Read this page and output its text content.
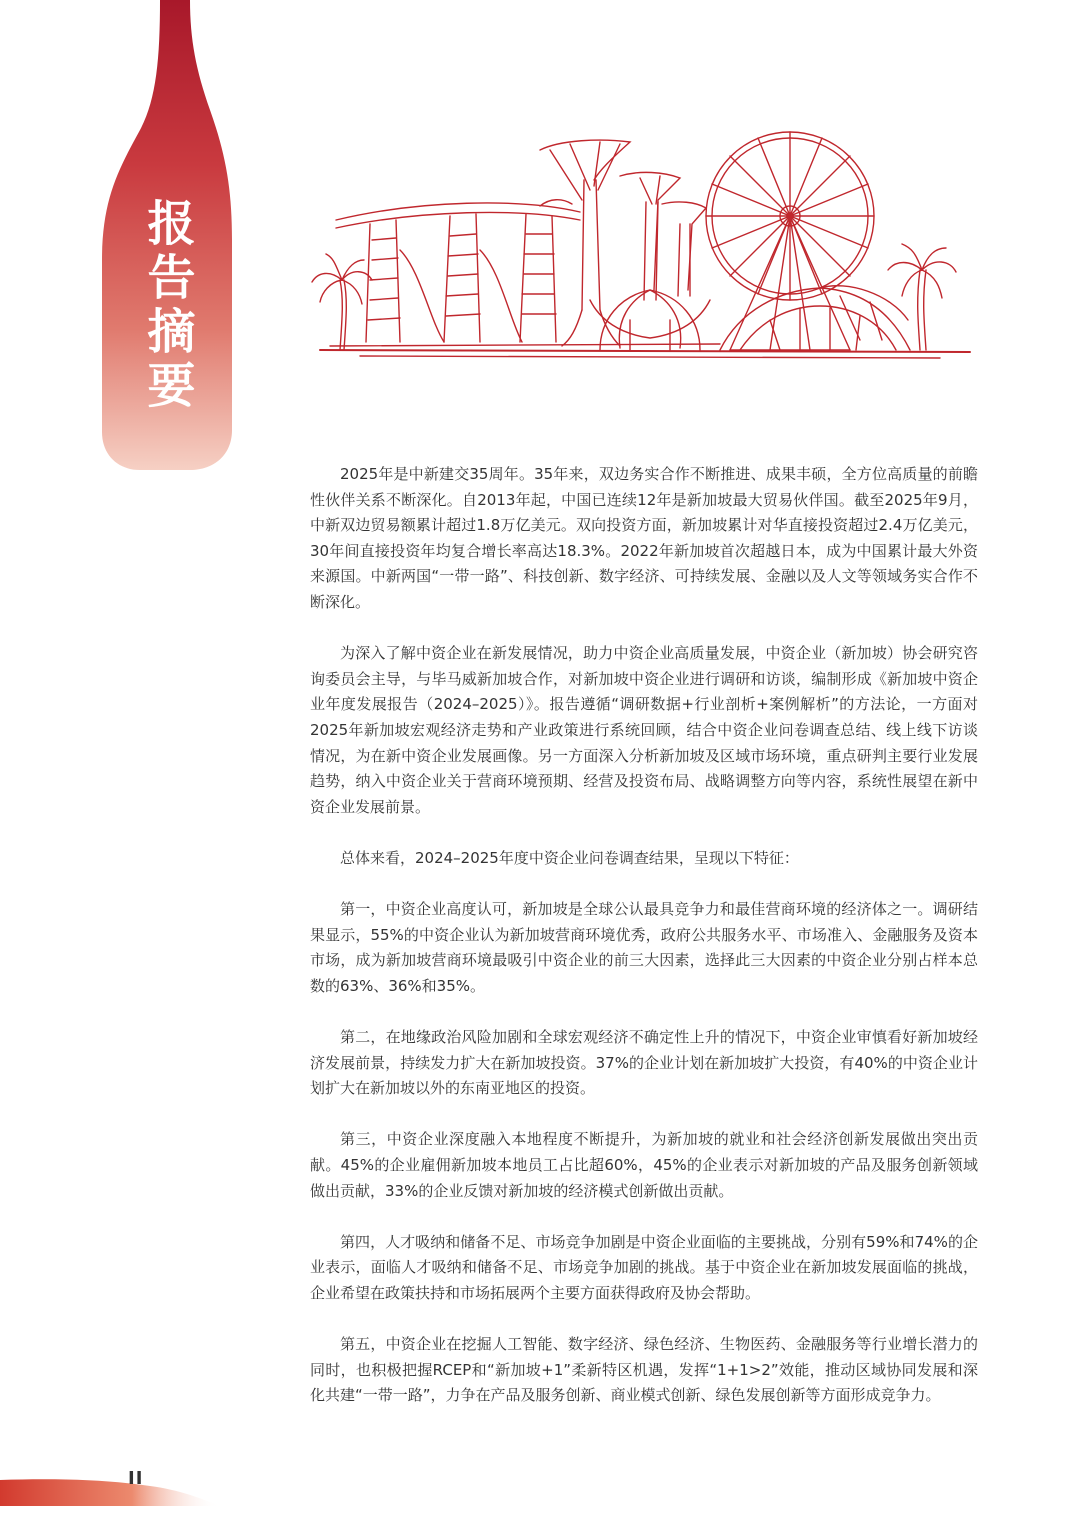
报告摘要

2025年是中新建交35周年。35年来，双边务实合作不断推进、成果丰硕，全方位高质量的前瞻性伙伴关系不断深化。自2013年起，中国已连续12年是新加坡最大贸易伙伴国。截至2025年9月，中新双边贸易额累计超过1.8万亿美元。双向投资方面，新加坡累计对华直接投资超过2.4万亿美元，30年间直接投资年均复合增长率高达18.3%。2022年新加坡首次超越日本，成为中国累计最大外资来源国。中新两国“一带一路”、科技创新、数字经济、可持续发展、金融以及人文等领域务实合作不断深化。

为深入了解中资企业在新发展情况，助力中资企业高质量发展，中资企业（新加坡）协会研究咨询委员会主导，与毕马威新加坡合作，对新加坡中资企业进行调研和访谈，编制形成《新加坡中资企业年度发展报告（2024–2025）》。报告遵循“调研数据+行业剖析+案例解析”的方法论，一方面对2025年新加坡宏观经济走势和产业政策进行系统回顾，结合中资企业问卷调查总结、线上线下访谈情况，为在新中资企业发展画像。另一方面深入分析新加坡及区域市场环境，重点研判主要行业发展趋势，纳入中资企业关于营商环境预期、经营及投资布局、战略调整方向等内容，系统性展望在新中资企业发展前景。

总体来看，2024–2025年度中资企业问卷调查结果，呈现以下特征：

第一，中资企业高度认可，新加坡是全球公认最具竞争力和最佳营商环境的经济体之一。调研结果显示，55%的中资企业认为新加坡营商环境优秀，政府公共服务水平、市场准入、金融服务及资本市场，成为新加坡营商环境最吸引中资企业的前三大因素，选择此三大因素的中资企业分别占样本总数的63%、36%和35%。

第二，在地缘政治风险加剧和全球宏观经济不确定性上升的情况下，中资企业审慎看好新加坡经济发展前景，持续发力扩大在新加坡投资。37%的企业计划在新加坡扩大投资，有40%的中资企业计划扩大在新加坡以外的东南亚地区的投资。

第三，中资企业深度融入本地程度不断提升，为新加坡的就业和社会经济创新发展做出突出贡献。45%的企业雇佣新加坡本地员工占比超60%，45%的企业表示对新加坡的产品及服务创新领域做出贡献，33%的企业反馈对新加坡的经济模式创新做出贡献。

第四，人才吸纳和储备不足、市场竞争加剧是中资企业面临的主要挑战，分别有59%和74%的企业表示，面临人才吸纳和储备不足、市场竞争加剧的挑战。基于中资企业在新加坡发展面临的挑战，企业希望在政策扶持和市场拓展两个主要方面获得政府及协会帮助。

第五，中资企业在挖掘人工智能、数字经济、绿色经济、生物医药、金融服务等行业增长潜力的同时，也积极把握RCEP和“新加坡+1”柔新特区机遇，发挥“1+1>2”效能，推动区域协同发展和深化共建“一带一路”，力争在产品及服务创新、商业模式创新、绿色发展创新等方面形成竞争力。

II
